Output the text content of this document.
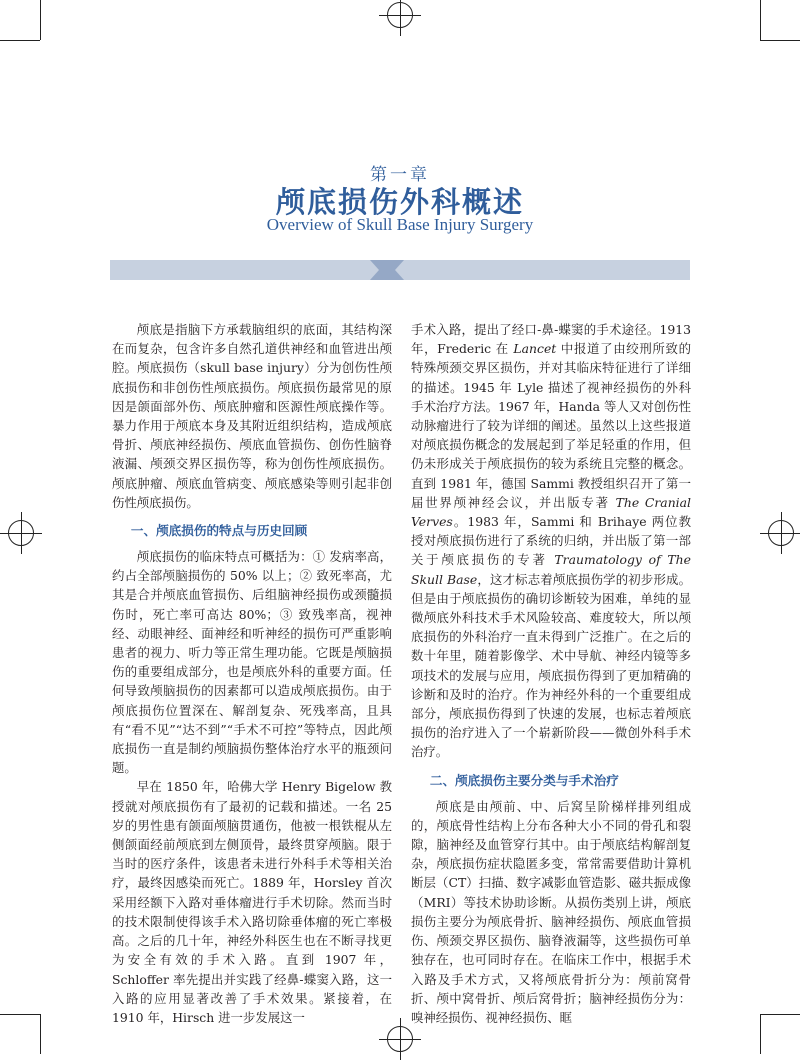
第一章
颅底损伤外科概述
Overview of Skull Base Injury Surgery

颅底是指脑下方承载脑组织的底面，其结构深在而复杂，包含许多自然孔道供神经和血管进出颅腔。颅底损伤（skull base injury）分为创伤性颅底损伤和非创伤性颅底损伤。颅底损伤最常见的原因是颌面部外伤、颅底肿瘤和医源性颅底操作等。暴力作用于颅底本身及其附近组织结构，造成颅底骨折、颅底神经损伤、颅底血管损伤、创伤性脑脊液漏、颅颈交界区损伤等，称为创伤性颅底损伤。颅底肿瘤、颅底血管病变、颅底感染等则引起非创伤性颅底损伤。

一、颅底损伤的特点与历史回顾

颅底损伤的临床特点可概括为：① 发病率高，约占全部颅脑损伤的 50% 以上；② 致死率高，尤其是合并颅底血管损伤、后组脑神经损伤或颈髓损伤时，死亡率可高达 80%；③ 致残率高，视神经、动眼神经、面神经和听神经的损伤可严重影响患者的视力、听力等正常生理功能。它既是颅脑损伤的重要组成部分，也是颅底外科的重要方面。任何导致颅脑损伤的因素都可以造成颅底损伤。由于颅底损伤位置深在、解剖复杂、死残率高，且具有“看不见”“达不到”“手术不可控”等特点，因此颅底损伤一直是制约颅脑损伤整体治疗水平的瓶颈问题。

早在 1850 年，哈佛大学 Henry Bigelow 教授就对颅底损伤有了最初的记载和描述。一名 25 岁的男性患有颌面颅脑贯通伤，他被一根铁棍从左侧颌面经前颅底到左侧顶骨，最终贯穿颅脑。限于当时的医疗条件，该患者未进行外科手术等相关治疗，最终因感染而死亡。1889 年，Horsley 首次采用经额下入路对垂体瘤进行手术切除。然而当时的技术限制使得该手术入路切除垂体瘤的死亡率极高。之后的几十年，神经外科医生也在不断寻找更为安全有效的手术入路。直到 1907 年，Schloffer 率先提出并实践了经鼻-蝶窦入路，这一入路的应用显著改善了手术效果。紧接着，在 1910 年，Hirsch 进一步发展这一

手术入路，提出了经口-鼻-蝶窦的手术途径。1913 年，Frederic 在 Lancet 中报道了由绞刑所致的特殊颅颈交界区损伤，并对其临床特征进行了详细的描述。1945 年 Lyle 描述了视神经损伤的外科手术治疗方法。1967 年，Handa 等人又对创伤性动脉瘤进行了较为详细的阐述。虽然以上这些报道对颅底损伤概念的发展起到了举足轻重的作用，但仍未形成关于颅底损伤的较为系统且完整的概念。直到 1981 年，德国 Sammi 教授组织召开了第一届世界颅神经会议，并出版专著 The Cranial Verves。1983 年，Sammi 和 Brihaye 两位教授对颅底损伤进行了系统的归纳，并出版了第一部关于颅底损伤的专著 Traumatology of The Skull Base，这才标志着颅底损伤学的初步形成。但是由于颅底损伤的确切诊断较为困难，单纯的显微颅底外科技术手术风险较高、难度较大，所以颅底损伤的外科治疗一直未得到广泛推广。在之后的数十年里，随着影像学、术中导航、神经内镜等多项技术的发展与应用，颅底损伤得到了更加精确的诊断和及时的治疗。作为神经外科的一个重要组成部分，颅底损伤得到了快速的发展，也标志着颅底损伤的治疗进入了一个崭新阶段——微创外科手术治疗。

二、颅底损伤主要分类与手术治疗

颅底是由颅前、中、后窝呈阶梯样排列组成的，颅底骨性结构上分布各种大小不同的骨孔和裂隙，脑神经及血管穿行其中。由于颅底结构解剖复杂，颅底损伤症状隐匿多变，常常需要借助计算机断层（CT）扫描、数字减影血管造影、磁共振成像（MRI）等技术协助诊断。从损伤类别上讲，颅底损伤主要分为颅底骨折、脑神经损伤、颅底血管损伤、颅颈交界区损伤、脑脊液漏等，这些损伤可单独存在，也可同时存在。在临床工作中，根据手术入路及手术方式，又将颅底骨折分为：颅前窝骨折、颅中窝骨折、颅后窝骨折；脑神经损伤分为：嗅神经损伤、视神经损伤、眶
